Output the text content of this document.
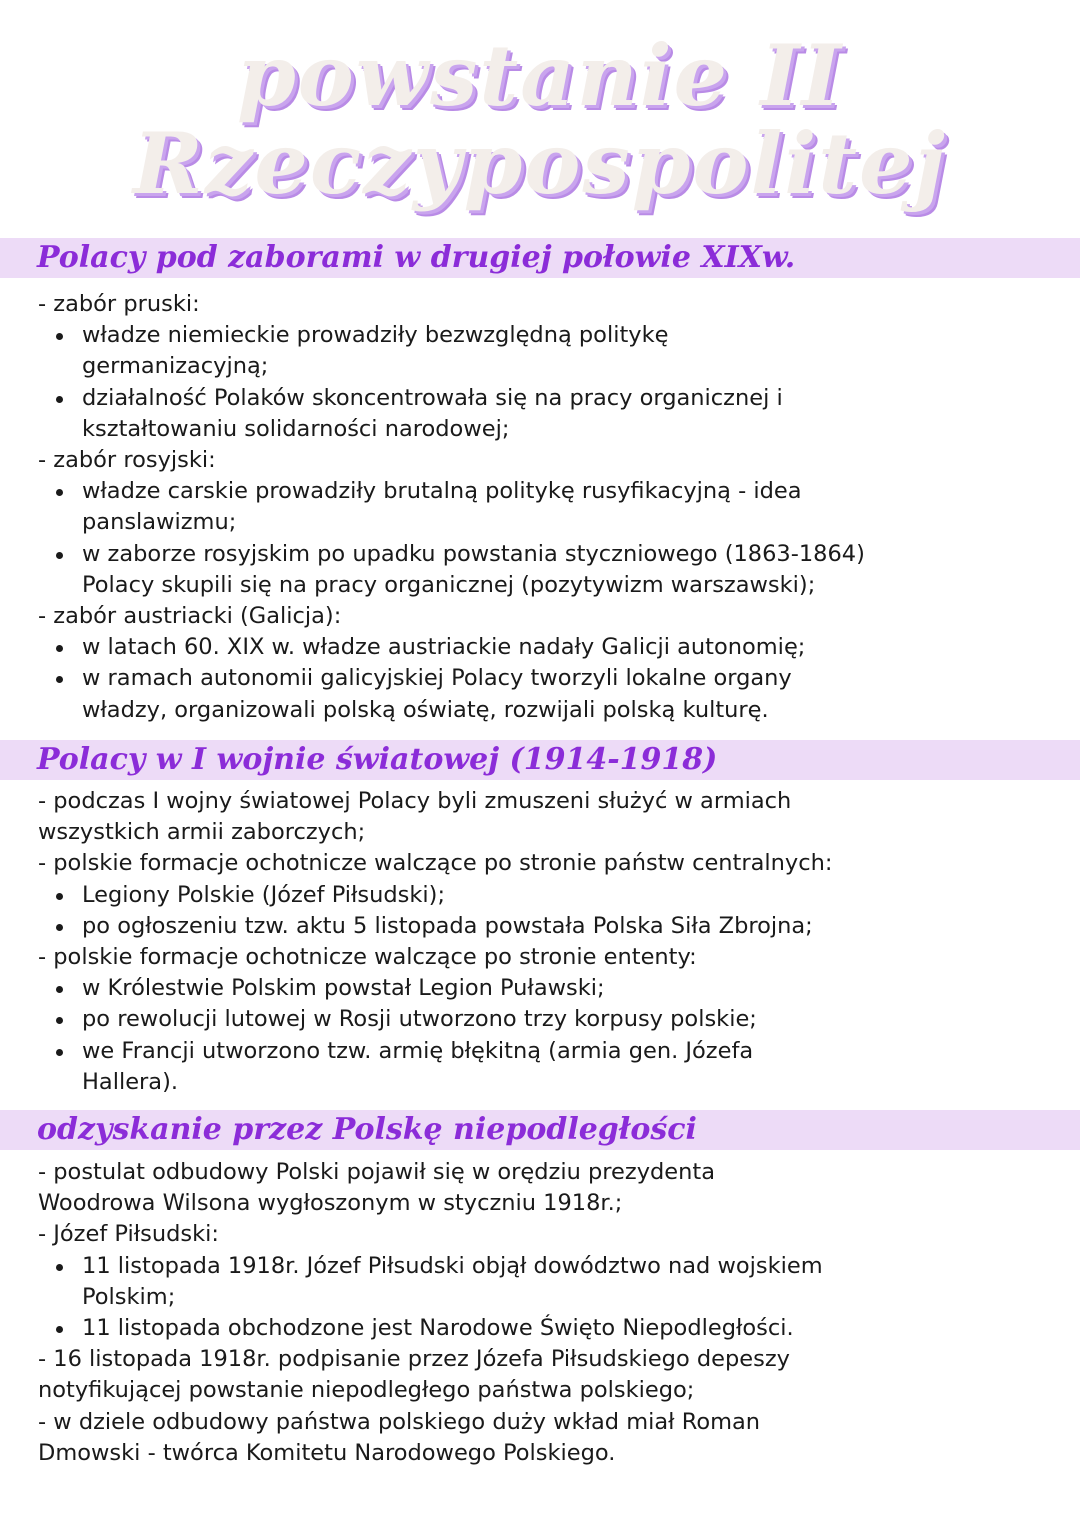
powstanie II
Rzeczypospolitej
Polacy pod zaborami w drugiej połowie XIXw.
- zabór pruski:
władze niemieckie prowadziły bezwzględną politykę
germanizacyjną;
działalność Polaków skoncentrowała się na pracy organicznej i
kształtowaniu solidarności narodowej;
- zabór rosyjski:
władze carskie prowadziły brutalną politykę rusyfikacyjną - idea
panslawizmu;
w zaborze rosyjskim po upadku powstania styczniowego (1863-1864)
Polacy skupili się na pracy organicznej (pozytywizm warszawski);
- zabór austriacki (Galicja):
w latach 60. XIX w. władze austriackie nadały Galicji autonomię;
w ramach autonomii galicyjskiej Polacy tworzyli lokalne organy
władzy, organizowali polską oświatę, rozwijali polską kulturę.
Polacy w I wojnie światowej (1914-1918)
- podczas I wojny światowej Polacy byli zmuszeni służyć w armiach
wszystkich armii zaborczych;
- polskie formacje ochotnicze walczące po stronie państw centralnych:
Legiony Polskie (Józef Piłsudski);
po ogłoszeniu tzw. aktu 5 listopada powstała Polska Siła Zbrojna;
- polskie formacje ochotnicze walczące po stronie ententy:
w Królestwie Polskim powstał Legion Puławski;
po rewolucji lutowej w Rosji utworzono trzy korpusy polskie;
we Francji utworzono tzw. armię błękitną (armia gen. Józefa
Hallera).
odzyskanie przez Polskę niepodległości
- postulat odbudowy Polski pojawił się w orędziu prezydenta
Woodrowa Wilsona wygłoszonym w styczniu 1918r.;
- Józef Piłsudski:
11 listopada 1918r. Józef Piłsudski objął dowództwo nad wojskiem
Polskim;
11 listopada obchodzone jest Narodowe Święto Niepodległości.
- 16 listopada 1918r. podpisanie przez Józefa Piłsudskiego depeszy
notyfikującej powstanie niepodległego państwa polskiego;
- w dziele odbudowy państwa polskiego duży wkład miał Roman
Dmowski - twórca Komitetu Narodowego Polskiego.
